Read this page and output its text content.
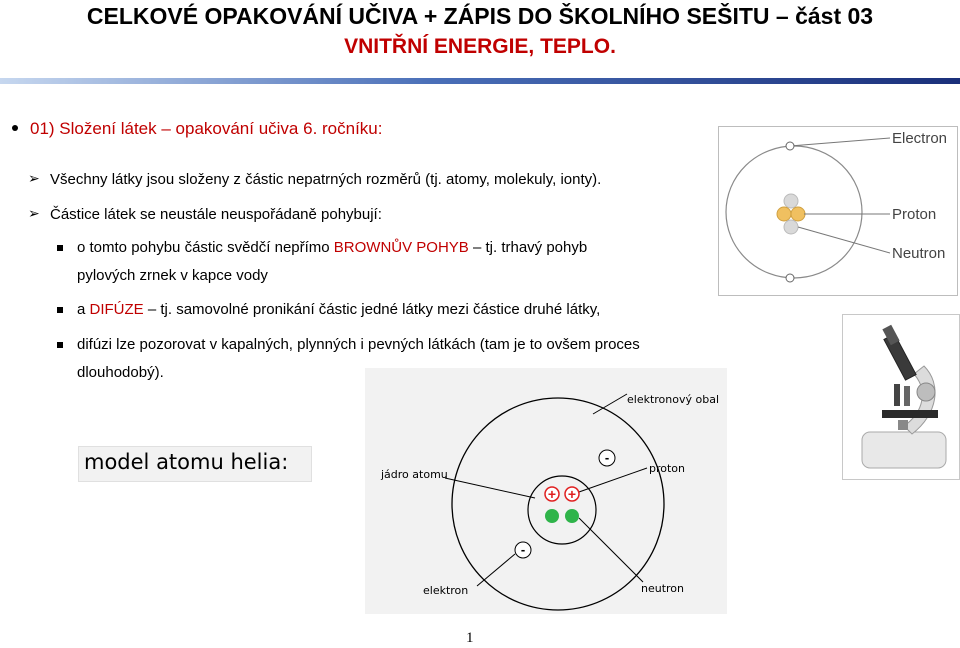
CELKOVÉ OPAKOVÁNÍ UČIVA + ZÁPIS DO ŠKOLNÍHO SEŠITU – část 03
VNITŘNÍ ENERGIE, TEPLO.
01) Složení látek – opakování učiva 6. ročníku:
➢ Všechny látky jsou složeny z částic nepatrných rozměrů (tj. atomy, molekuly, ionty).
➢ Částice látek se neustále neuspořádaně pohybují:
o tomto pohybu částic svědčí nepřímo BROWNŮV POHYB – tj. trhavý pohyb
pylových zrnek v kapce vody
a DIFÚZE – tj. samovolné pronikání částic jedné látky mezi částice druhé látky,
difúzi lze pozorovat v kapalných, plynných i pevných látkách (tam je to ovšem proces
dlouhodobý).
Electron
Proton
Neutron
model atomu helia:	-
-
+ +
elektronový obal
jádro atomu	proton
elektron	neutron
1
